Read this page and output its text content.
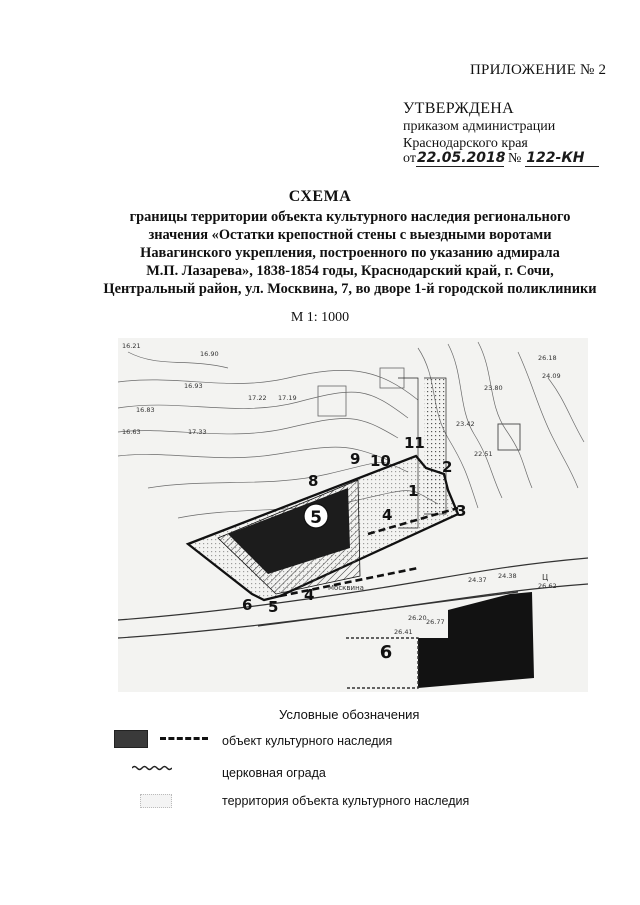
ПРИЛОЖЕНИЕ № 2
УТВЕРЖДЕНА
приказом администрации
Краснодарского края
от 22.05.2018 № 122-КН
СХЕМА
границы территории объекта культурного наследия регионального
значения «Остатки крепостной стены с выездными воротами
Навагинского укрепления, построенного по указанию адмирала
М.П. Лазарева», 1838-1854 годы, Краснодарский край, г. Сочи,
Центральный район, ул. Москвина, 7, во дворе 1-й городской поликлиники
М 1: 1000
16.21
16.90
16.93
17.22 17.19
17.33
16.83
16.63
26.18
24.09
23.80
23.42
22.51
24.37 24.38
26.77
26.62
26.41
26.20
Москвина
Ц
5
6
1
2
3
4
5
6
8
9 10
11
4
Условные обозначения
объект культурного наследия
церковная ограда
территория объекта культурного наследия
